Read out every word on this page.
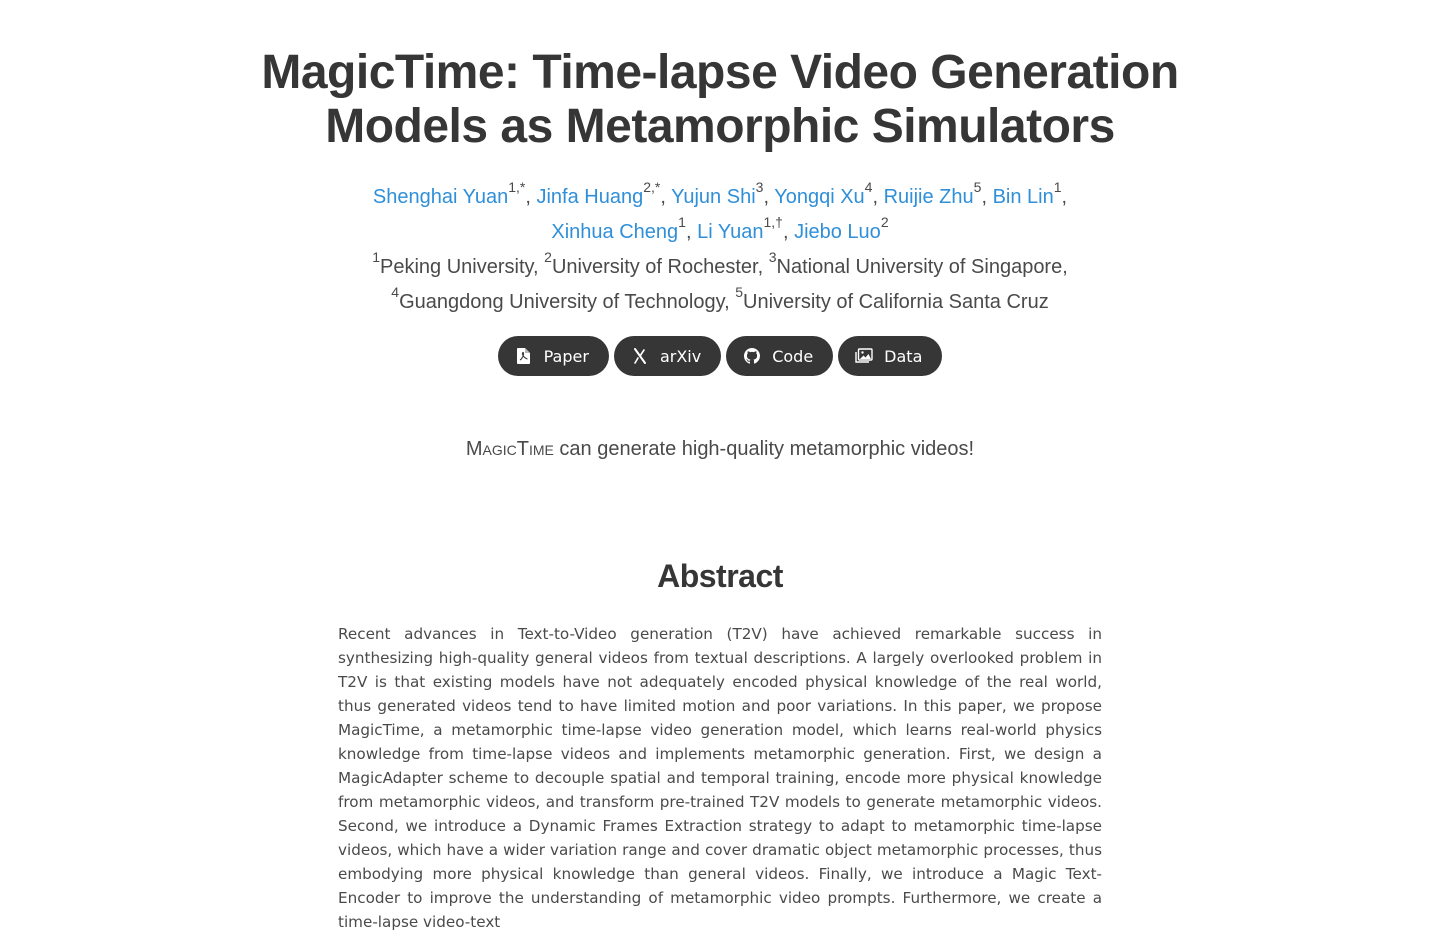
MagicTime: Time-lapse Video Generation
Models as Metamorphic Simulators
Shenghai Yuan$^{1,*}$, Jinfa Huang$^{2,*}$, Yujun Shi$^3$, Yongqi Xu$^4$, Ruijie Zhu$^5$, Bin Lin$^1$,
Xinhua Cheng$^1$, Li Yuan$^{1,\dagger}$, Jiebo Luo$^2$
$^1$Peking University, $^2$University of Rochester, $^3$National University of Singapore,
$^4$Guangdong University of Technology, $^5$University of California Santa Cruz
Paper	arXiv	Code	Data
MagicTime can generate high-quality metamorphic videos!
Abstract
Recent advances in Text-to-Video generation (T2V) have achieved remarkable success in synthesizing high-quality general videos from textual descriptions. A largely overlooked problem in T2V is that existing models have not adequately encoded physical knowledge of the real world, thus generated videos tend to have limited motion and poor variations. In this paper, we propose MagicTime, a metamorphic time-lapse video generation model, which learns real-world physics knowledge from time-lapse videos and implements metamorphic generation. First, we design a MagicAdapter scheme to decouple spatial and temporal training, encode more physical knowledge from metamorphic videos, and transform pre-trained T2V models to generate metamorphic videos. Second, we introduce a Dynamic Frames Extraction strategy to adapt to metamorphic time-lapse videos, which have a wider variation range and cover dramatic object metamorphic processes, thus embodying more physical knowledge than general videos. Finally, we introduce a Magic Text-Encoder to improve the understanding of metamorphic video prompts. Furthermore, we create a time-lapse video-text
